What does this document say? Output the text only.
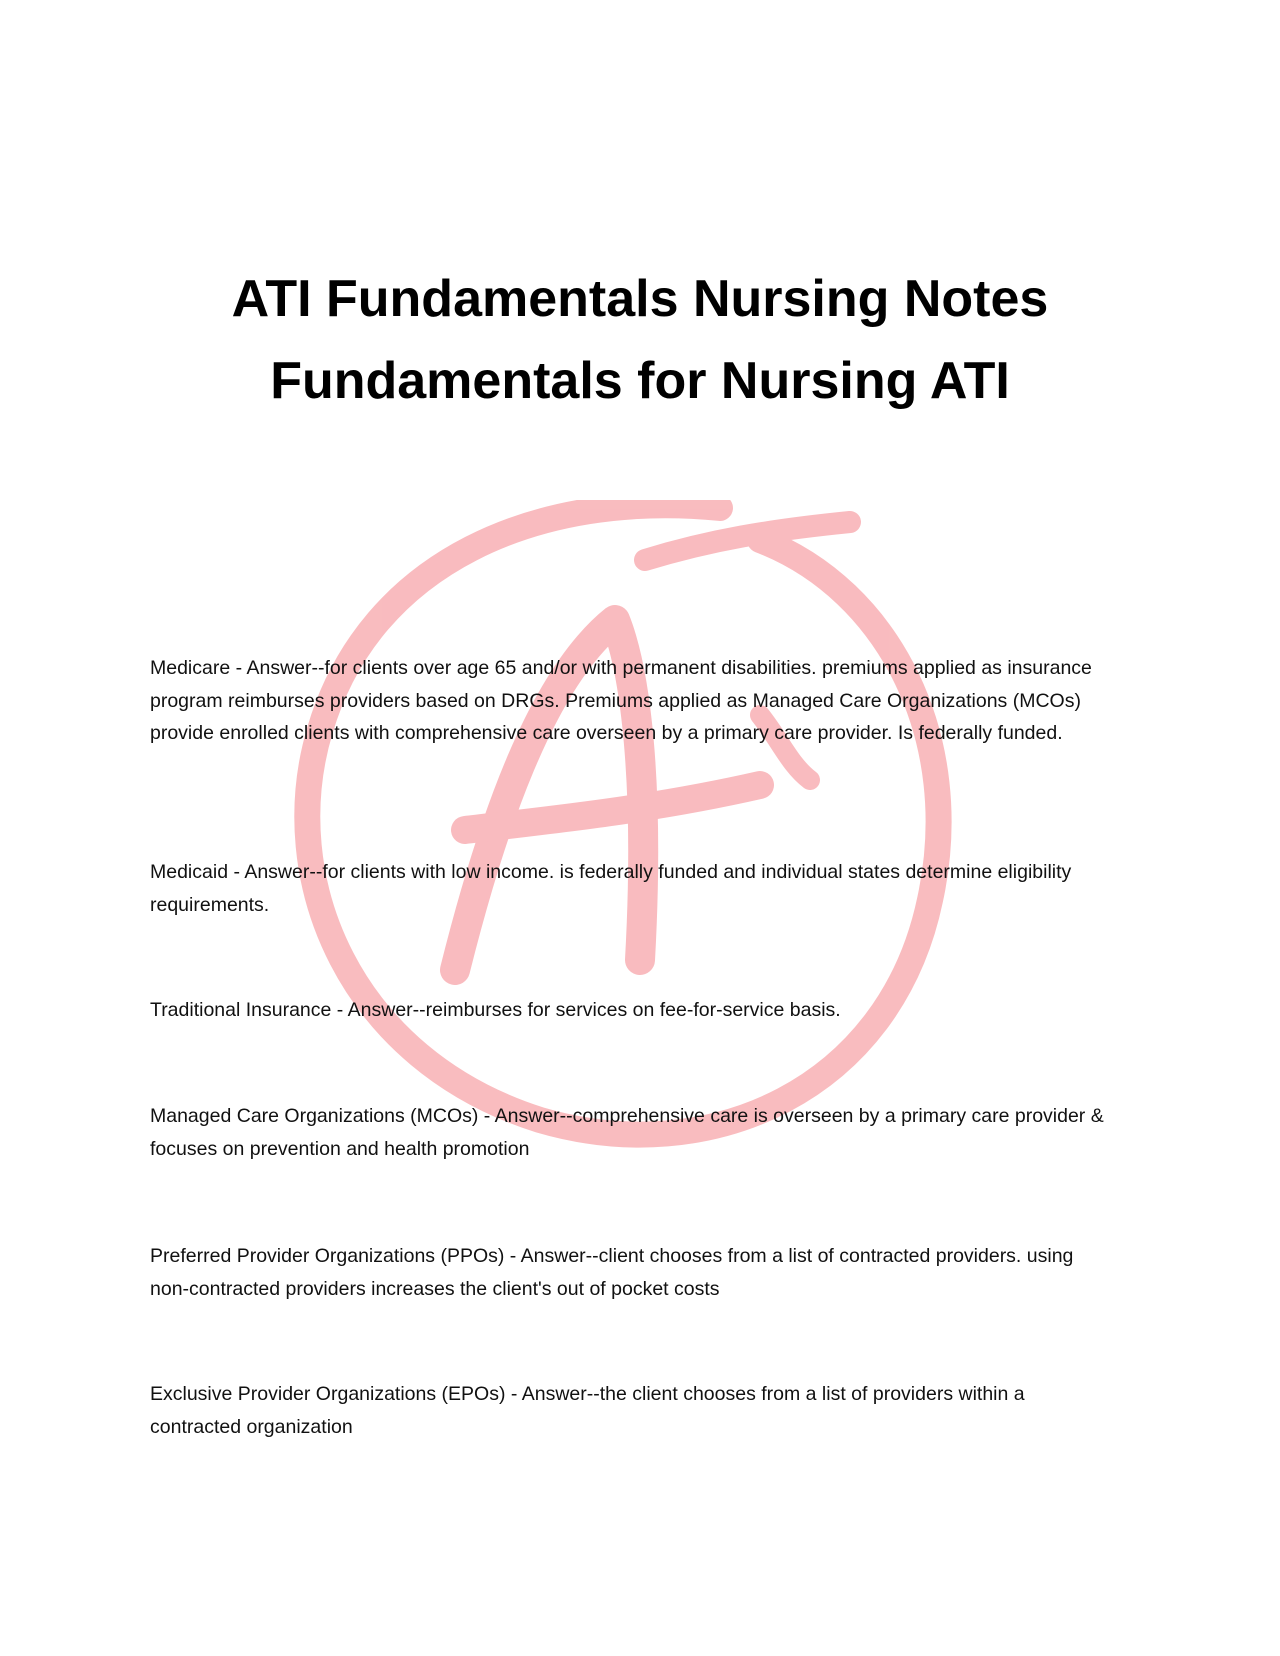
ATI Fundamentals Nursing Notes
Fundamentals for Nursing ATI

Medicare - Answer--for clients over age 65 and/or with permanent disabilities. premiums applied as insurance program reimburses providers based on DRGs. Premiums applied as Managed Care Organizations (MCOs) provide enrolled clients with comprehensive care overseen by a primary care provider. Is federally funded.

Medicaid - Answer--for clients with low income. is federally funded and individual states determine eligibility requirements.

Traditional Insurance - Answer--reimburses for services on fee-for-service basis.

Managed Care Organizations (MCOs) - Answer--comprehensive care is overseen by a primary care provider & focuses on prevention and health promotion

Preferred Provider Organizations (PPOs) - Answer--client chooses from a list of contracted providers. using non-contracted providers increases the client's out of pocket costs

Exclusive Provider Organizations (EPOs) - Answer--the client chooses from a list of providers within a contracted organization
